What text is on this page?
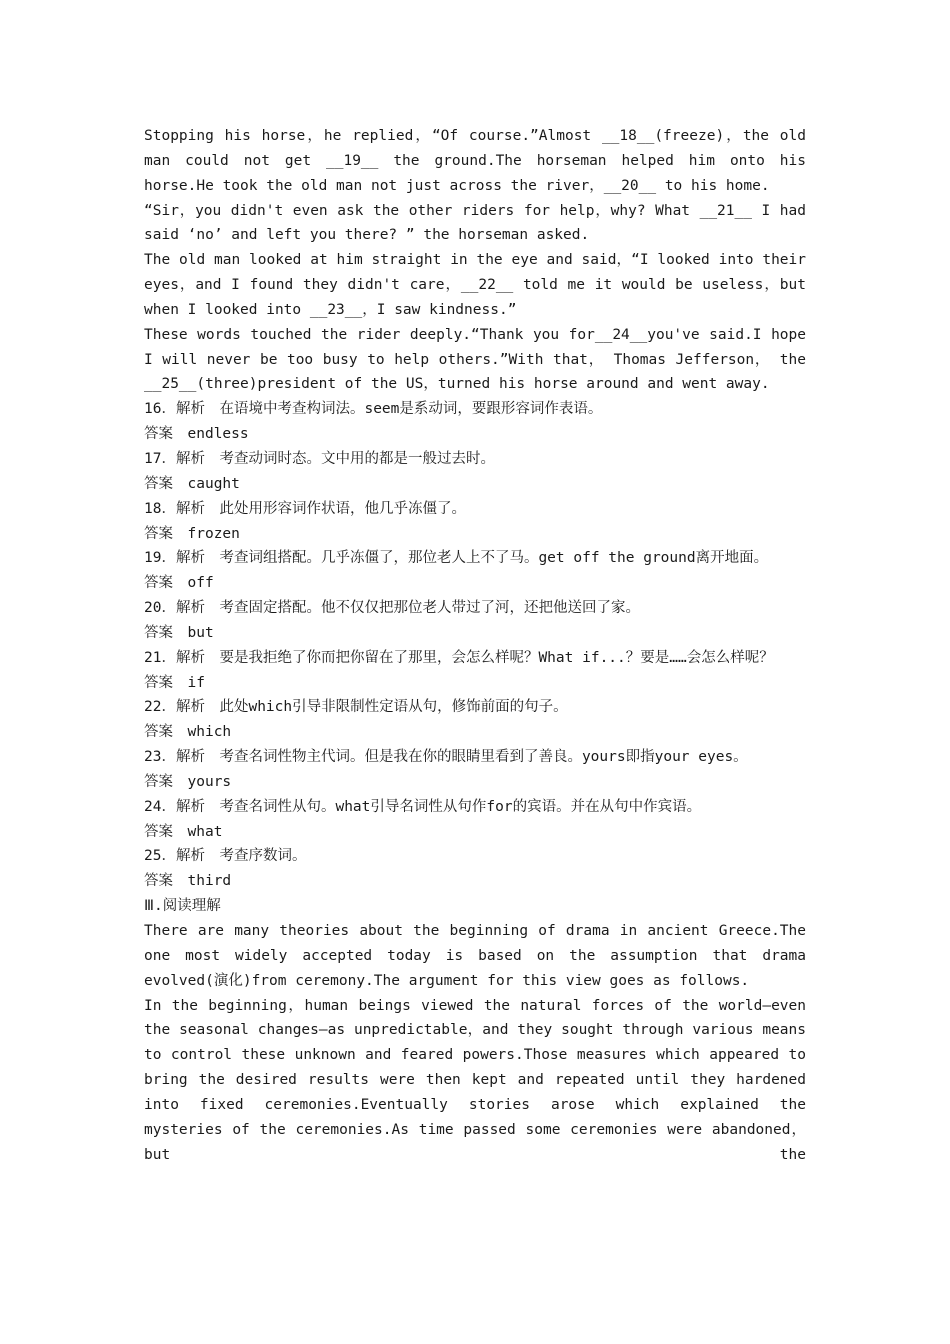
Stopping his horse，he replied，“Of course.”Almost __18__(freeze)，the old man could not get __19__ the ground.The horseman helped him onto his horse.He took the old man not just across the river，__20__ to his home.

“Sir，you didn't even ask the other riders for help，why? What __21__ I had said ‘no’ and left you there? ” the horseman asked.

The old man looked at him straight in the eye and said，“I looked into their eyes，and I found they didn't care，__22__ told me it would be useless，but when I looked into __23__，I saw kindness.”

These words touched the rider deeply.“Thank you for__24__you've said.I hope I will never be too busy to help others.”With that， Thomas Jefferson， the __25__(three)president of the US，turned his horse around and went away.

16．解析　在语境中考查构词法。seem是系动词，要跟形容词作表语。

答案　endless

17．解析　考查动词时态。文中用的都是一般过去时。

答案　caught

18．解析　此处用形容词作状语，他几乎冻僵了。

答案　frozen

19．解析　考查词组搭配。几乎冻僵了，那位老人上不了马。get off the ground离开地面。

答案　off

20．解析　考查固定搭配。他不仅仅把那位老人带过了河，还把他送回了家。

答案　but

21．解析　要是我拒绝了你而把你留在了那里，会怎么样呢？What if...？要是……会怎么样呢？

答案　if

22．解析　此处which引导非限制性定语从句，修饰前面的句子。

答案　which

23．解析　考查名词性物主代词。但是我在你的眼睛里看到了善良。yours即指your eyes。

答案　yours

24．解析　考查名词性从句。what引导名词性从句作for的宾语。并在从句中作宾语。

答案　what

25．解析　考查序数词。

答案　third

Ⅲ.阅读理解

There are many theories about the beginning of drama in ancient Greece.The one most widely accepted today is based on the assumption that drama evolved(演化)from ceremony.The argument for this view goes as follows.

In the beginning，human beings viewed the natural forces of the world—even the seasonal changes—as unpredictable，and they sought through various means to control these unknown and feared powers.Those measures which appeared to bring the desired results were then kept and repeated until they hardened into fixed ceremonies.Eventually stories arose which explained the mysteries of the ceremonies.As time passed some ceremonies were abandoned， but the
